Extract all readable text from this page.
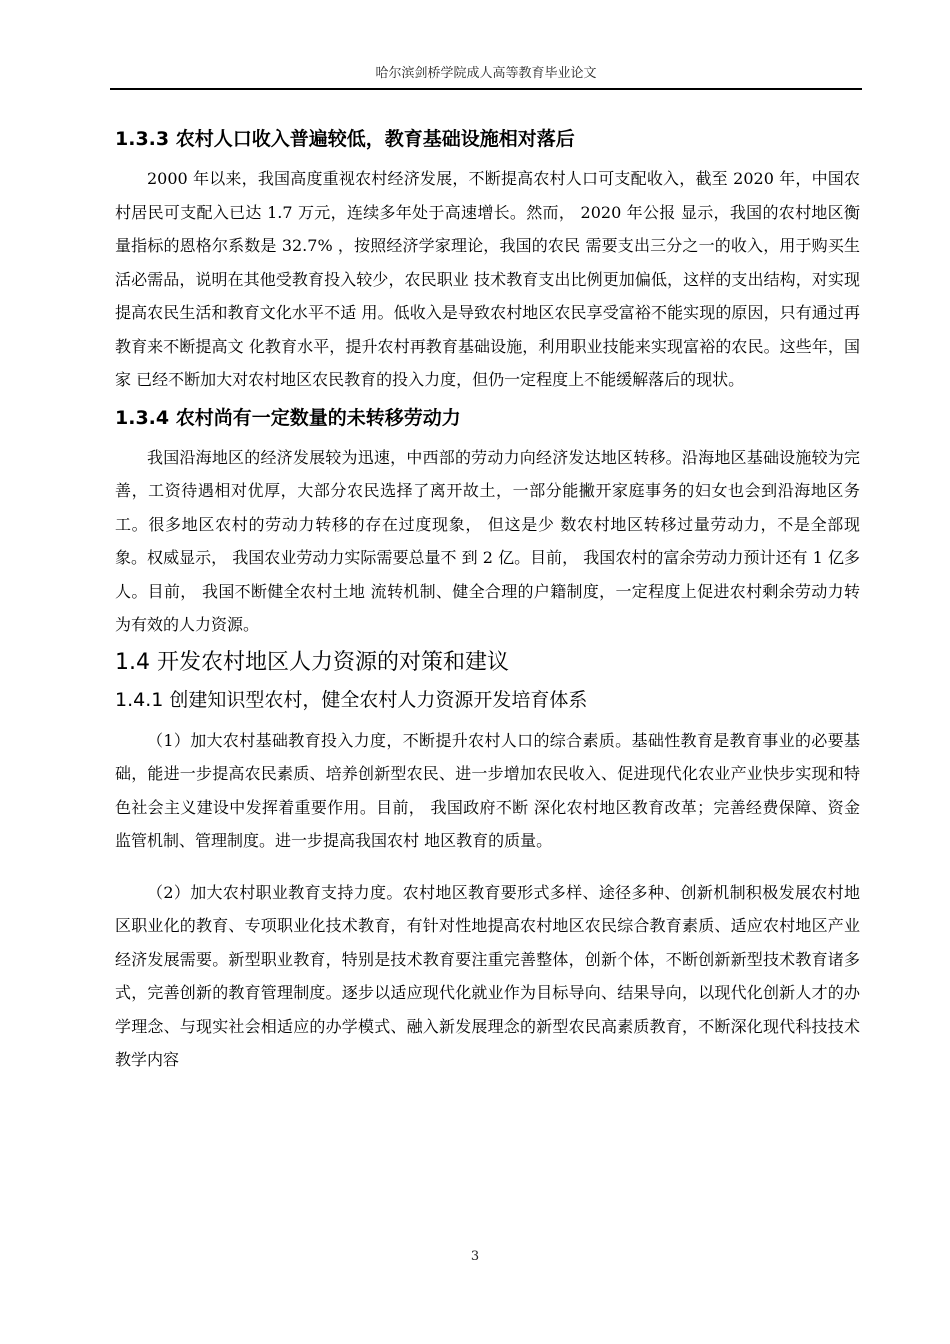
哈尔滨剑桥学院成人高等教育毕业论文
1.3.3 农村人口收入普遍较低，教育基础设施相对落后

2000 年以来，我国高度重视农村经济发展，不断提高农村人口可支配收入，截至 2020 年，中国农村居民可支配入已达 1.7 万元，连续多年处于高速增长。然而， 2020 年公报 显示，我国的农村地区衡量指标的恩格尔系数是 32.7% ，按照经济学家理论，我国的农民 需要支出三分之一的收入，用于购买生活必需品，说明在其他受教育投入较少，农民职业 技术教育支出比例更加偏低，这样的支出结构，对实现提高农民生活和教育文化水平不适 用。低收入是导致农村地区农民享受富裕不能实现的原因，只有通过再教育来不断提高文 化教育水平，提升农村再教育基础设施，利用职业技能来实现富裕的农民。这些年，国家 已经不断加大对农村地区农民教育的投入力度，但仍一定程度上不能缓解落后的现状。

1.3.4 农村尚有一定数量的未转移劳动力

我国沿海地区的经济发展较为迅速，中西部的劳动力向经济发达地区转移。沿海地区基础设施较为完善，工资待遇相对优厚，大部分农民选择了离开故土，一部分能撇开家庭事务的妇女也会到沿海地区务工。很多地区农村的劳动力转移的存在过度现象， 但这是少 数农村地区转移过量劳动力，不是全部现象。权威显示， 我国农业劳动力实际需要总量不 到 2 亿。目前， 我国农村的富余劳动力预计还有 1 亿多人。目前， 我国不断健全农村土地 流转机制、健全合理的户籍制度，一定程度上促进农村剩余劳动力转为有效的人力资源。

1.4 开发农村地区人力资源的对策和建议
1.4.1 创建知识型农村，健全农村人力资源开发培育体系

（1）加大农村基础教育投入力度，不断提升农村人口的综合素质。基础性教育是教育事业的必要基础，能进一步提高农民素质、培养创新型农民、进一步增加农民收入、促进现代化农业产业快步实现和特色社会主义建设中发挥着重要作用。目前， 我国政府不断 深化农村地区教育改革；完善经费保障、资金监管机制、管理制度。进一步提高我国农村 地区教育的质量。

（2）加大农村职业教育支持力度。农村地区教育要形式多样、途径多种、创新机制积极发展农村地区职业化的教育、专项职业化技术教育，有针对性地提高农村地区农民综合教育素质、适应农村地区产业经济发展需要。新型职业教育，特别是技术教育要注重完善整体，创新个体，不断创新新型技术教育诸多式，完善创新的教育管理制度。逐步以适应现代化就业作为目标导向、结果导向，以现代化创新人才的办学理念、与现实社会相适应的办学模式、融入新发展理念的新型农民高素质教育，不断深化现代科技技术教学内容

3
